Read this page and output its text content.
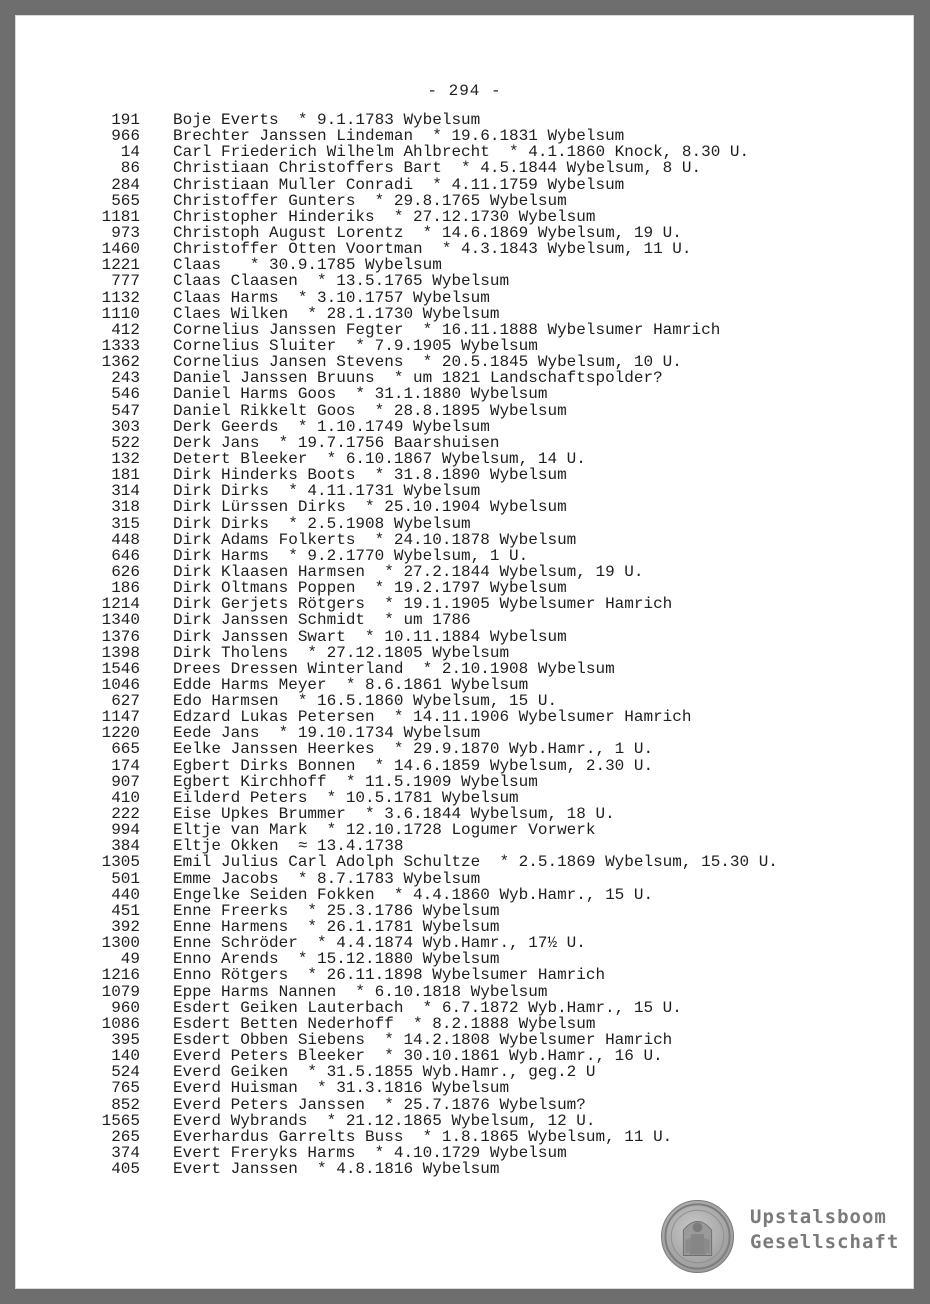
- 294 -
191 Boje Everts  * 9.1.1783 Wybelsum
966 Brechter Janssen Lindeman  * 19.6.1831 Wybelsum
14 Carl Friederich Wilhelm Ahlbrecht  * 4.1.1860 Knock, 8.30 U.
86 Christiaan Christoffers Bart  * 4.5.1844 Wybelsum, 8 U.
284 Christiaan Muller Conradi  * 4.11.1759 Wybelsum
565 Christoffer Gunters  * 29.8.1765 Wybelsum
1181 Christopher Hinderiks  * 27.12.1730 Wybelsum
973 Christoph August Lorentz  * 14.6.1869 Wybelsum, 19 U.
1460 Christoffer Otten Voortman  * 4.3.1843 Wybelsum, 11 U.
1221 Claas   * 30.9.1785 Wybelsum
777 Claas Claasen  * 13.5.1765 Wybelsum
1132 Claas Harms  * 3.10.1757 Wybelsum
1110 Claes Wilken  * 28.1.1730 Wybelsum
412 Cornelius Janssen Fegter  * 16.11.1888 Wybelsumer Hamrich
1333 Cornelius Sluiter  * 7.9.1905 Wybelsum
1362 Cornelius Jansen Stevens  * 20.5.1845 Wybelsum, 10 U.
243 Daniel Janssen Bruuns  * um 1821 Landschaftspolder?
546 Daniel Harms Goos  * 31.1.1880 Wybelsum
547 Daniel Rikkelt Goos  * 28.8.1895 Wybelsum
303 Derk Geerds  * 1.10.1749 Wybelsum
522 Derk Jans  * 19.7.1756 Baarshuisen
132 Detert Bleeker  * 6.10.1867 Wybelsum, 14 U.
181 Dirk Hinderks Boots  * 31.8.1890 Wybelsum
314 Dirk Dirks  * 4.11.1731 Wybelsum
318 Dirk Lürssen Dirks  * 25.10.1904 Wybelsum
315 Dirk Dirks  * 2.5.1908 Wybelsum
448 Dirk Adams Folkerts  * 24.10.1878 Wybelsum
646 Dirk Harms  * 9.2.1770 Wybelsum, 1 U.
626 Dirk Klaasen Harmsen  * 27.2.1844 Wybelsum, 19 U.
186 Dirk Oltmans Poppen  * 19.2.1797 Wybelsum
1214 Dirk Gerjets Rötgers  * 19.1.1905 Wybelsumer Hamrich
1340 Dirk Janssen Schmidt  * um 1786
1376 Dirk Janssen Swart  * 10.11.1884 Wybelsum
1398 Dirk Tholens  * 27.12.1805 Wybelsum
1546 Drees Dressen Winterland  * 2.10.1908 Wybelsum
1046 Edde Harms Meyer  * 8.6.1861 Wybelsum
627 Edo Harmsen  * 16.5.1860 Wybelsum, 15 U.
1147 Edzard Lukas Petersen  * 14.11.1906 Wybelsumer Hamrich
1220 Eede Jans  * 19.10.1734 Wybelsum
665 Eelke Janssen Heerkes  * 29.9.1870 Wyb.Hamr., 1 U.
174 Egbert Dirks Bonnen  * 14.6.1859 Wybelsum, 2.30 U.
907 Egbert Kirchhoff  * 11.5.1909 Wybelsum
410 Eilderd Peters  * 10.5.1781 Wybelsum
222 Eise Upkes Brummer  * 3.6.1844 Wybelsum, 18 U.
994 Eltje van Mark  * 12.10.1728 Logumer Vorwerk
384 Eltje Okken  ≈ 13.4.1738
1305 Emil Julius Carl Adolph Schultze  * 2.5.1869 Wybelsum, 15.30 U.
501 Emme Jacobs  * 8.7.1783 Wybelsum
440 Engelke Seiden Fokken  * 4.4.1860 Wyb.Hamr., 15 U.
451 Enne Freerks  * 25.3.1786 Wybelsum
392 Enne Harmens  * 26.1.1781 Wybelsum
1300 Enne Schröder  * 4.4.1874 Wyb.Hamr., 17½ U.
49 Enno Arends  * 15.12.1880 Wybelsum
1216 Enno Rötgers  * 26.11.1898 Wybelsumer Hamrich
1079 Eppe Harms Nannen  * 6.10.1818 Wybelsum
960 Esdert Geiken Lauterbach  * 6.7.1872 Wyb.Hamr., 15 U.
1086 Esdert Betten Nederhoff  * 8.2.1888 Wybelsum
395 Esdert Obben Siebens  * 14.2.1808 Wybelsumer Hamrich
140 Everd Peters Bleeker  * 30.10.1861 Wyb.Hamr., 16 U.
524 Everd Geiken  * 31.5.1855 Wyb.Hamr., geg.2 U
765 Everd Huisman  * 31.3.1816 Wybelsum
852 Everd Peters Janssen  * 25.7.1876 Wybelsum?
1565 Everd Wybrands  * 21.12.1865 Wybelsum, 12 U.
265 Everhardus Garrelts Buss  * 1.8.1865 Wybelsum, 11 U.
374 Evert Freryks Harms  * 4.10.1729 Wybelsum
405 Evert Janssen  * 4.8.1816 Wybelsum
Upstalsboom
Gesellschaft
